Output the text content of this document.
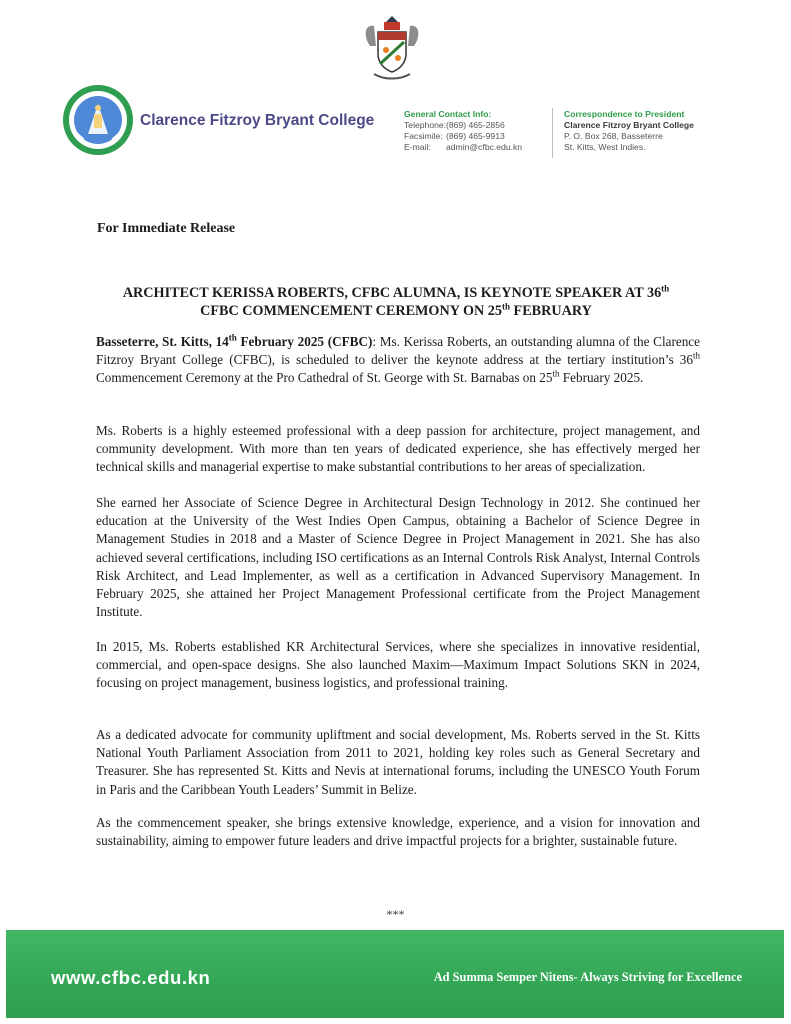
Clarence Fitzroy Bryant College	General Contact Info:
Telephone: (869) 465-2856
Facsimile: (869) 465-9913
E-mail:	admin@cfbc.edu.kn
Correspondence to President
Clarence Fitzroy Bryant College
P. O. Box 268, Basseterre
St. Kitts, West Indies.
For Immediate Release
ARCHITECT KERISSA ROBERTS, CFBC ALUMNA, IS KEYNOTE SPEAKER AT 36th
CFBC COMMENCEMENT CEREMONY ON 25th FEBRUARY

Basseterre, St. Kitts, 14th February 2025 (CFBC): Ms. Kerissa Roberts, an outstanding alumna of the Clarence Fitzroy Bryant College (CFBC), is scheduled to deliver the keynote address at the tertiary institution’s 36th Commencement Ceremony at the Pro Cathedral of St. George with St. Barnabas on 25th February 2025.

Ms. Roberts is a highly esteemed professional with a deep passion for architecture, project management, and community development. With more than ten years of dedicated experience, she has effectively merged her technical skills and managerial expertise to make substantial contributions to her areas of specialization.

She earned her Associate of Science Degree in Architectural Design Technology in 2012. She continued her education at the University of the West Indies Open Campus, obtaining a Bachelor of Science Degree in Management Studies in 2018 and a Master of Science Degree in Project Management in 2021. She has also achieved several certifications, including ISO certifications as an Internal Controls Risk Analyst, Internal Controls Risk Architect, and Lead Implementer, as well as a certification in Advanced Supervisory Management. In February 2025, she attained her Project Management Professional certificate from the Project Management Institute.

In 2015, Ms. Roberts established KR Architectural Services, where she specializes in innovative residential, commercial, and open-space designs. She also launched Maxim—Maximum Impact Solutions SKN in 2024, focusing on project management, business logistics, and professional training.

As a dedicated advocate for community upliftment and social development, Ms. Roberts served in the St. Kitts National Youth Parliament Association from 2011 to 2021, holding key roles such as General Secretary and Treasurer. She has represented St. Kitts and Nevis at international forums, including the UNESCO Youth Forum in Paris and the Caribbean Youth Leaders’ Summit in Belize.

As the commencement speaker, she brings extensive knowledge, experience, and a vision for innovation and sustainability, aiming to empower future leaders and drive impactful projects for a brighter, sustainable future.

***
www.cfbc.edu.kn	Ad Summa Semper Nitens- Always Striving for Excellence
